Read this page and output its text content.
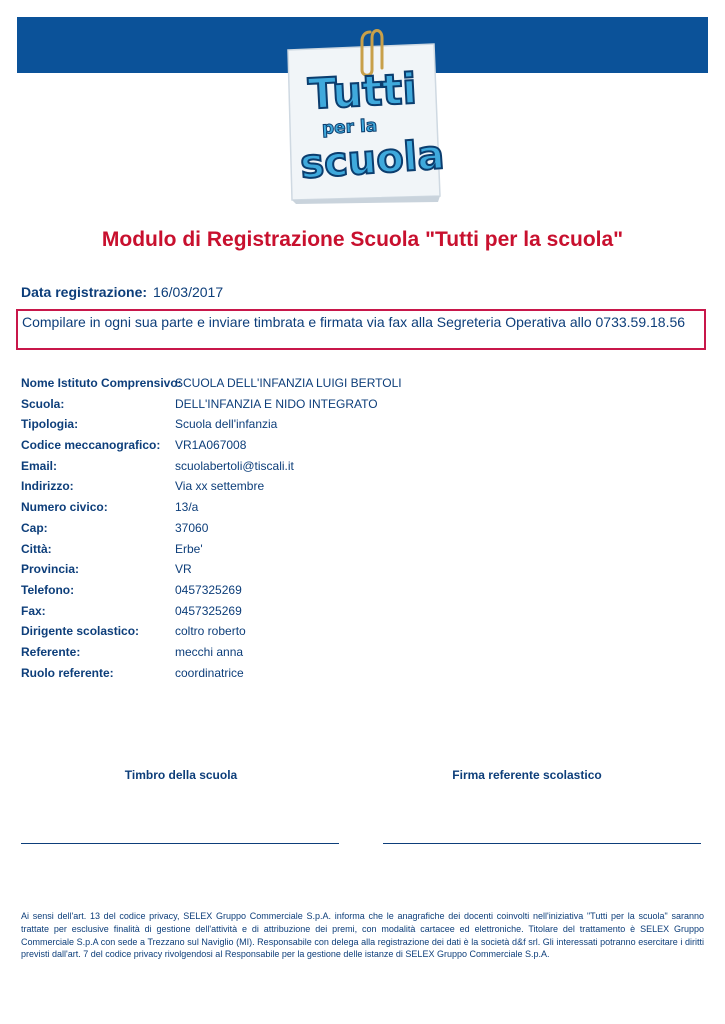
Tutti
per la
scuola
Modulo di Registrazione Scuola "Tutti per la scuola"
Data registrazione: 16/03/2017
Compilare in ogni sua parte e inviare timbrata e firmata via fax alla Segreteria Operativa allo 0733.59.18.56
Nome Istituto Comprensivo:
SCUOLA DELL'INFANZIA LUIGI BERTOLI
Scuola:	DELL'INFANZIA E NIDO INTEGRATO
Tipologia:	Scuola dell'infanzia
Codice meccanografico: VR1A067008
Email:	scuolabertoli@tiscali.it
Indirizzo:	Via xx settembre
Numero civico:	13/a
Cap:	37060
Città:	Erbe'
Provincia:	VR
Telefono:	0457325269
Fax:	0457325269
Dirigente scolastico:	coltro roberto
Referente:	mecchi anna
Ruolo referente:	coordinatrice
Timbro della scuola	Firma referente scolastico
Ai sensi dell'art. 13 del codice privacy, SELEX Gruppo Commerciale S.p.A. informa che le anagrafiche dei docenti coinvolti nell'iniziativa "Tutti per la scuola" saranno trattate per esclusive finalità di gestione dell'attività e di attribuzione dei premi, con modalità cartacee ed elettroniche. Titolare del trattamento è SELEX Gruppo Commerciale S.p.A con sede a Trezzano sul Naviglio (MI). Responsabile con delega alla registrazione dei dati è la società d&f srl. Gli interessati potranno esercitare i diritti previsti dall'art. 7 del codice privacy rivolgendosi al Responsabile per la gestione delle istanze di SELEX Gruppo Commerciale S.p.A.
